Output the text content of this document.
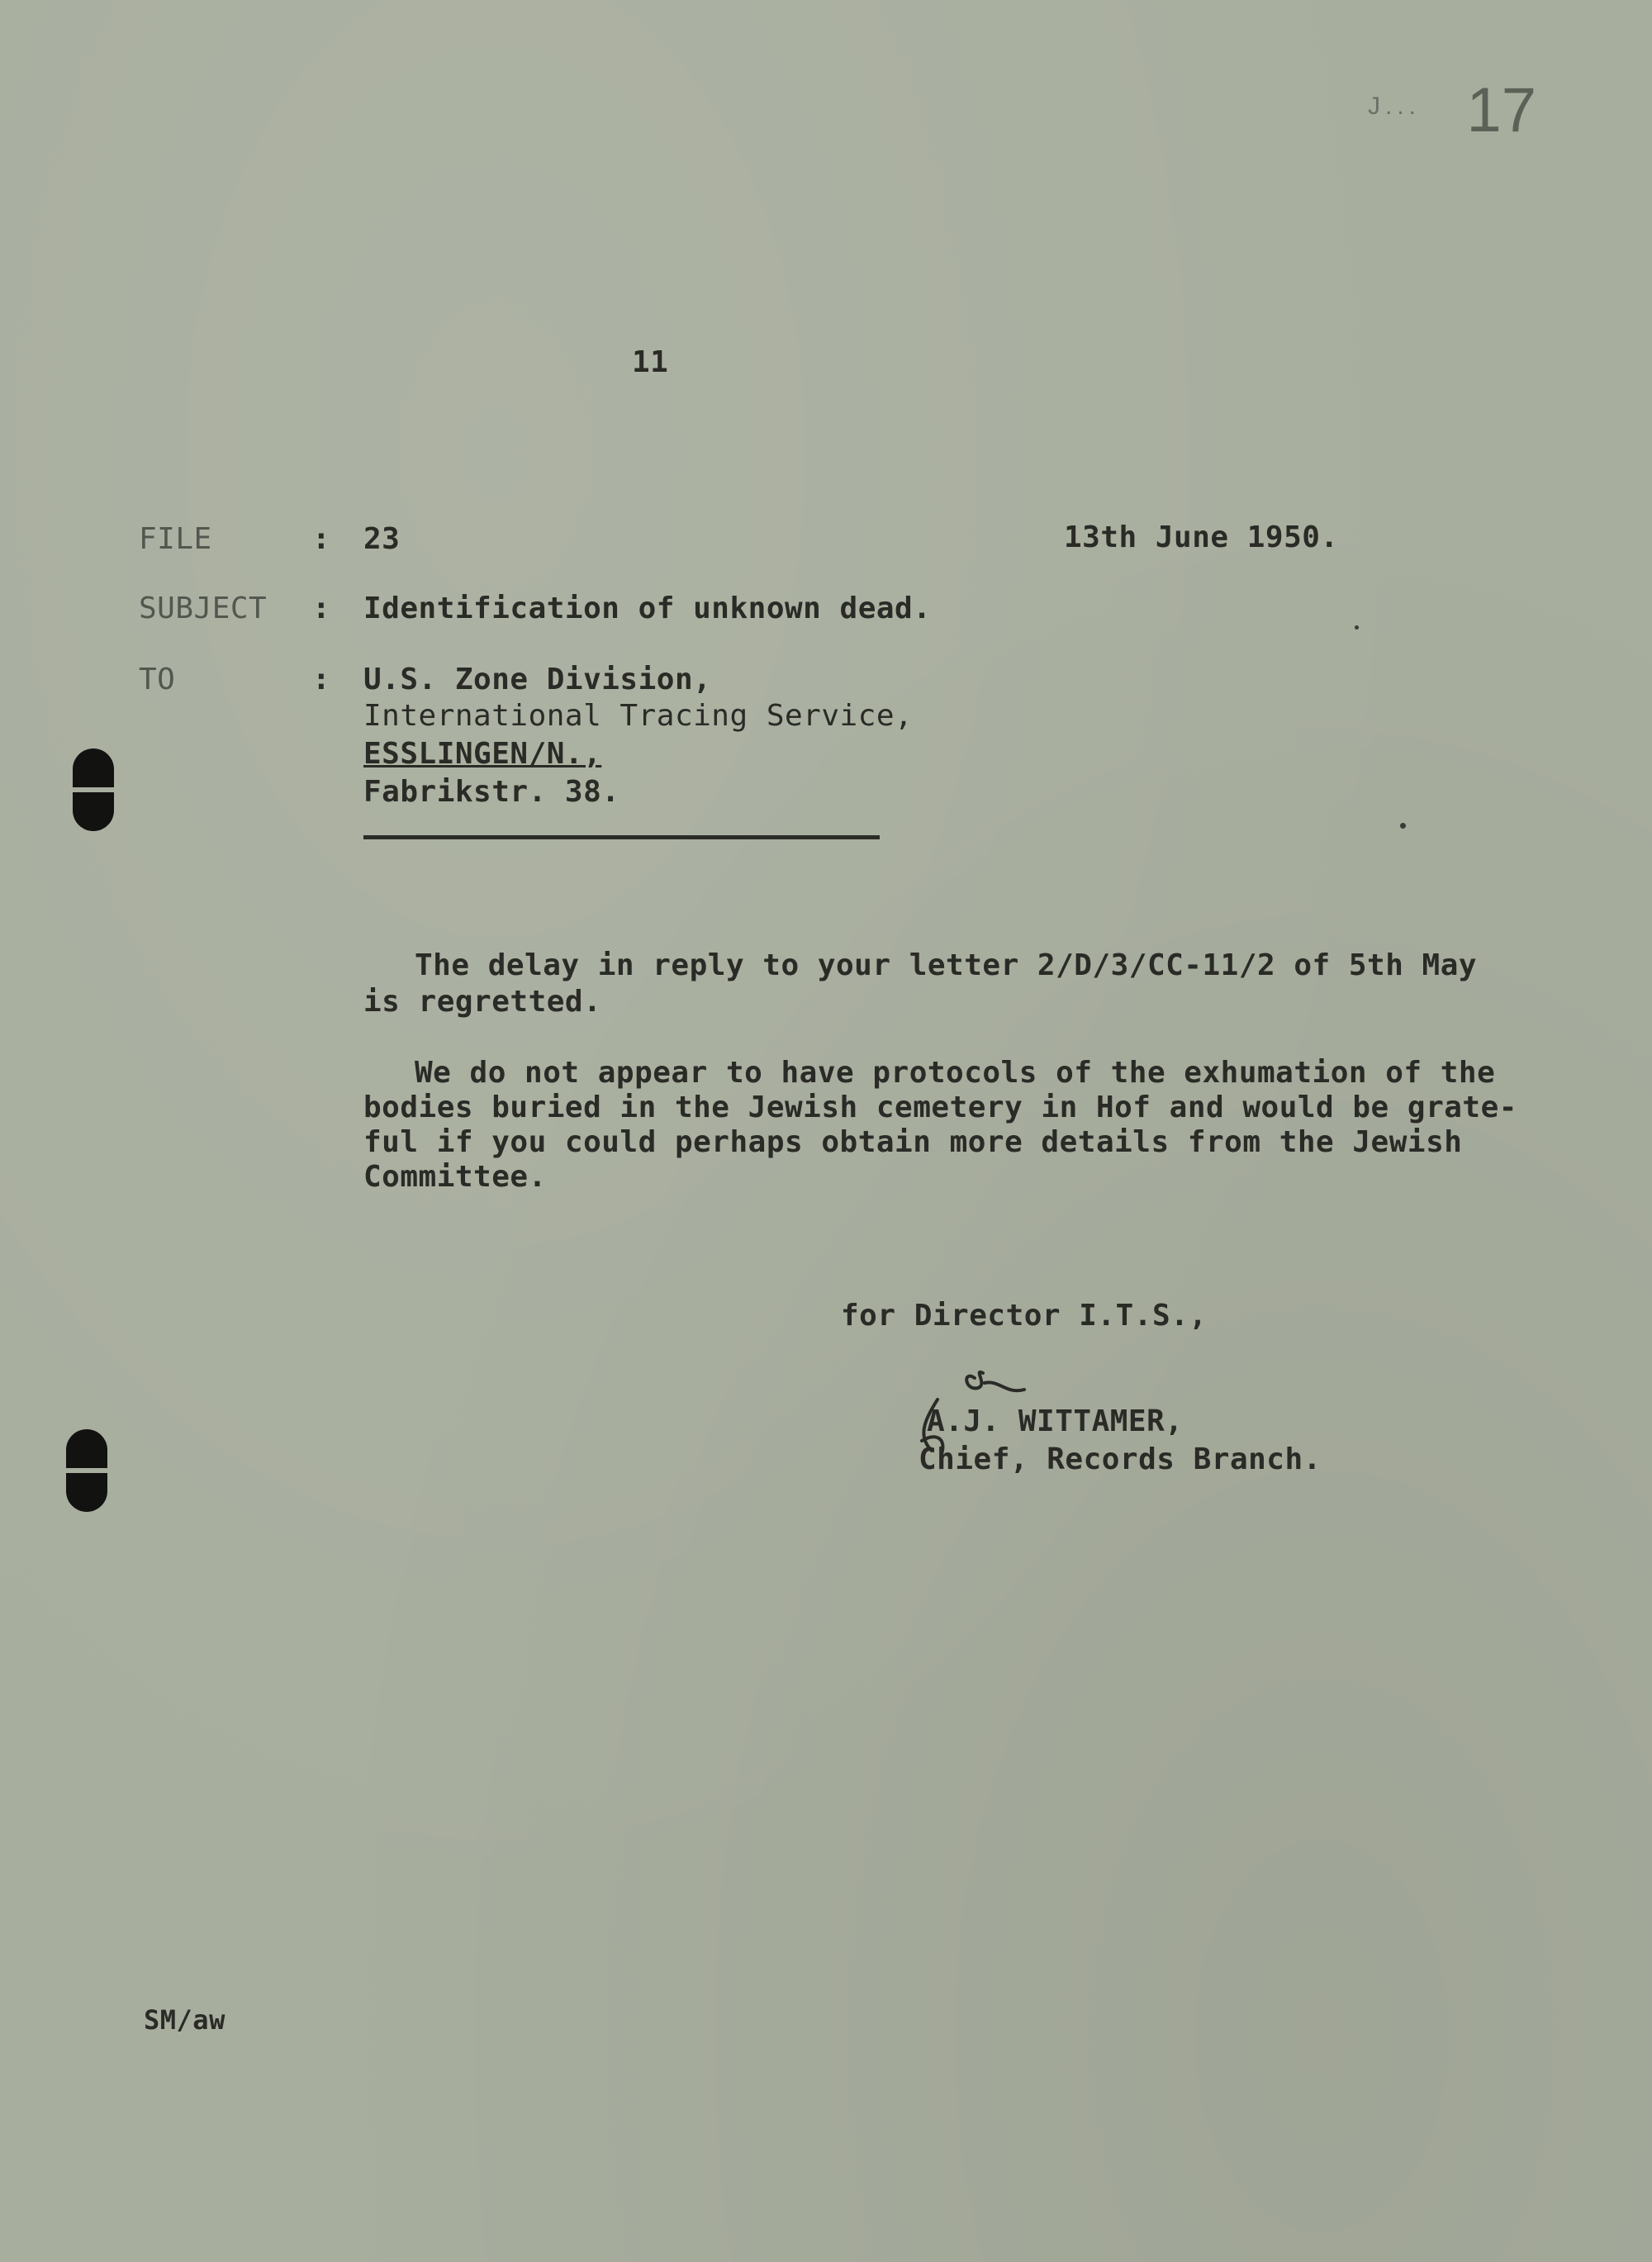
J... 17
11
FILE	: 23	13th June 1950.
SUBJECT : Identification of unknown dead.
TO	: U.S. Zone Division,
International Tracing Service,
ESSLINGEN/N.,
Fabrikstr. 38.
The delay in reply to your letter 2/D/3/CC-11/2 of 5th May
is regretted.
We do not appear to have protocols of the exhumation of the
bodies buried in the Jewish cemetery in Hof and would be grate-
ful if you could perhaps obtain more details from the Jewish
Committee.
for Director I.T.S.,
A.J. WITTAMER,
Chief, Records Branch.
SM/aw
